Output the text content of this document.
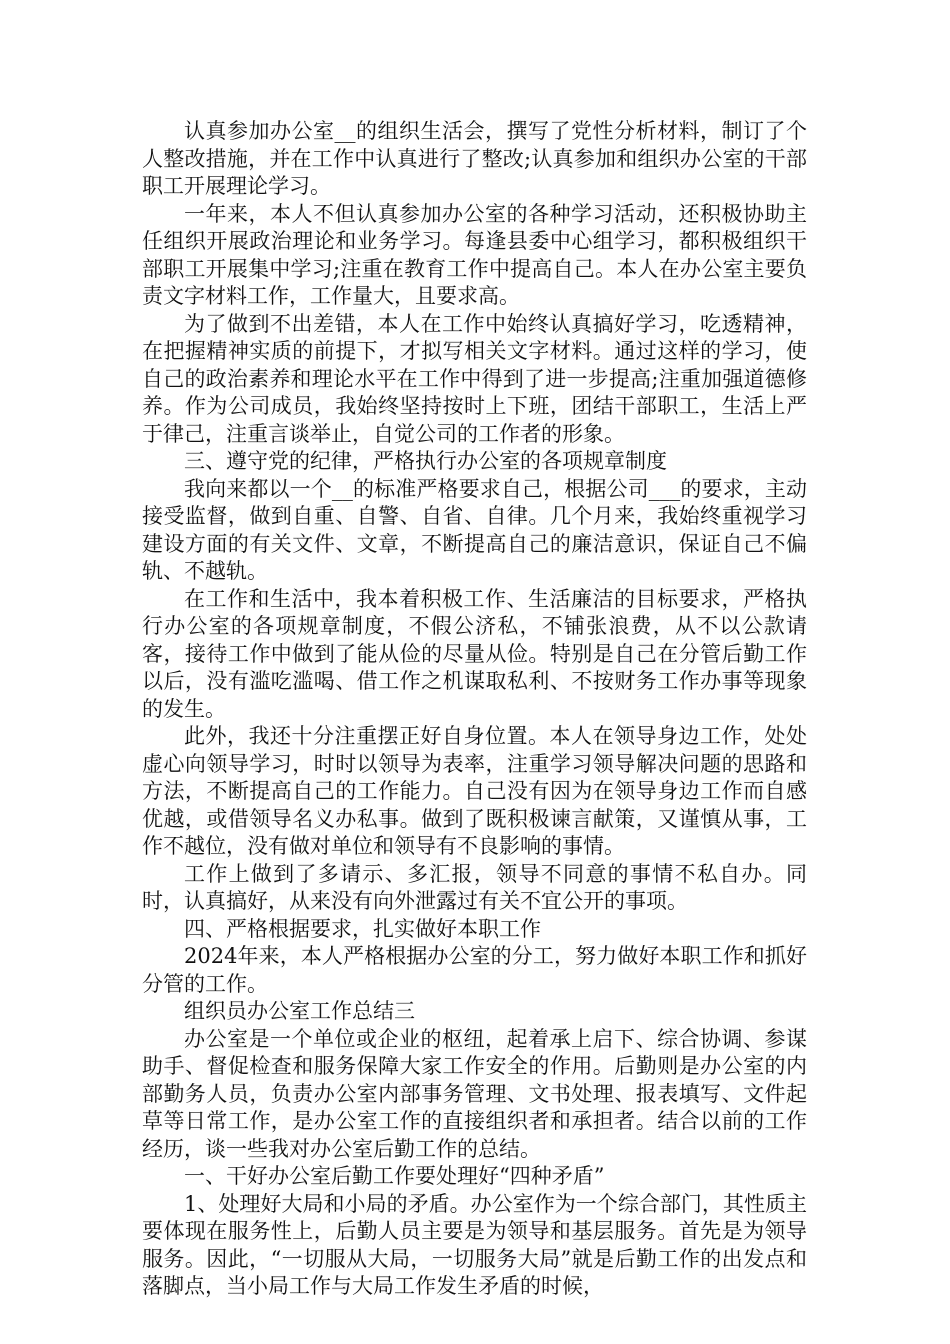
认真参加办公室__的组织生活会，撰写了党性分析材料，制订了个人整改措施，并在工作中认真进行了整改;认真参加和组织办公室的干部职工开展理论学习。

一年来，本人不但认真参加办公室的各种学习活动，还积极协助主任组织开展政治理论和业务学习。每逢县委中心组学习，都积极组织干部职工开展集中学习;注重在教育工作中提高自己。本人在办公室主要负责文字材料工作，工作量大，且要求高。

为了做到不出差错，本人在工作中始终认真搞好学习，吃透精神，在把握精神实质的前提下，才拟写相关文字材料。通过这样的学习，使自己的政治素养和理论水平在工作中得到了进一步提高;注重加强道德修养。作为公司成员，我始终坚持按时上下班，团结干部职工，生活上严于律己，注重言谈举止，自觉公司的工作者的形象。

三、遵守党的纪律，严格执行办公室的各项规章制度

我向来都以一个__的标准严格要求自己，根据公司___的要求，主动接受监督，做到自重、自警、自省、自律。几个月来，我始终重视学习建设方面的有关文件、文章，不断提高自己的廉洁意识，保证自己不偏轨、不越轨。

在工作和生活中，我本着积极工作、生活廉洁的目标要求，严格执行办公室的各项规章制度，不假公济私，不铺张浪费，从不以公款请客，接待工作中做到了能从俭的尽量从俭。特别是自己在分管后勤工作以后，没有滥吃滥喝、借工作之机谋取私利、不按财务工作办事等现象的发生。

此外，我还十分注重摆正好自身位置。本人在领导身边工作，处处虚心向领导学习，时时以领导为表率，注重学习领导解决问题的思路和方法，不断提高自己的工作能力。自己没有因为在领导身边工作而自感优越，或借领导名义办私事。做到了既积极谏言献策，又谨慎从事，工作不越位，没有做对单位和领导有不良影响的事情。

工作上做到了多请示、多汇报，领导不同意的事情不私自办。同时，认真搞好，从来没有向外泄露过有关不宜公开的事项。

四、严格根据要求，扎实做好本职工作

2024年来，本人严格根据办公室的分工，努力做好本职工作和抓好分管的工作。

组织员办公室工作总结三

办公室是一个单位或企业的枢纽，起着承上启下、综合协调、参谋助手、督促检查和服务保障大家工作安全的作用。后勤则是办公室的内部勤务人员，负责办公室内部事务管理、文书处理、报表填写、文件起草等日常工作，是办公室工作的直接组织者和承担者。结合以前的工作经历，谈一些我对办公室后勤工作的总结。

一、干好办公室后勤工作要处理好“四种矛盾”

1、处理好大局和小局的矛盾。办公室作为一个综合部门，其性质主要体现在服务性上，后勤人员主要是为领导和基层服务。首先是为领导服务。因此，“一切服从大局，一切服务大局”就是后勤工作的出发点和落脚点，当小局工作与大局工作发生矛盾的时候，
